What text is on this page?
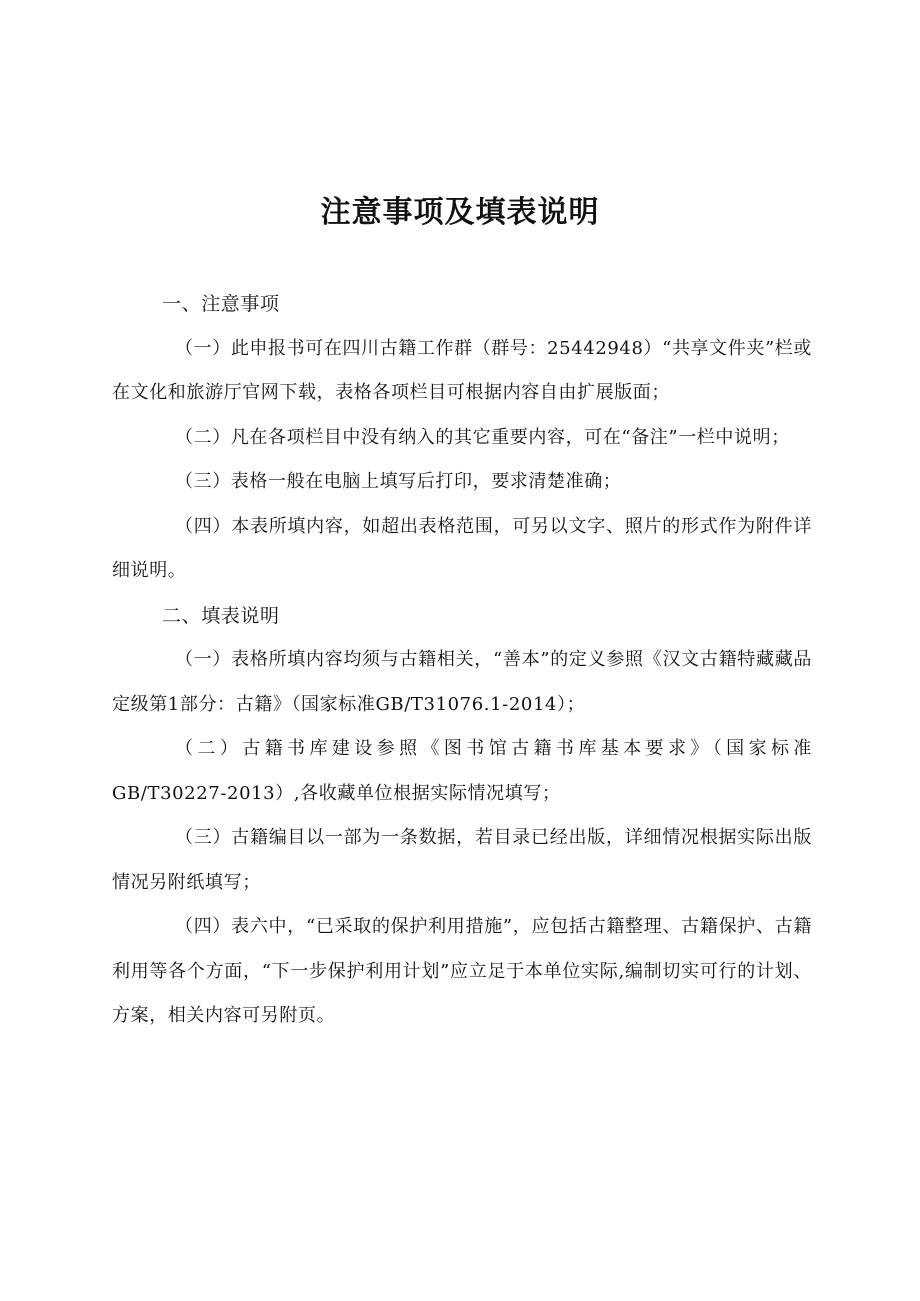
注意事项及填表说明
一、注意事项

（一）此申报书可在四川古籍工作群（群号：25442948）“共享文件夹”栏或在文化和旅游厅官网下载，表格各项栏目可根据内容自由扩展版面；

（二）凡在各项栏目中没有纳入的其它重要内容，可在“备注”一栏中说明；

（三）表格一般在电脑上填写后打印，要求清楚准确；

（四）本表所填内容，如超出表格范围，可另以文字、照片的形式作为附件详细说明。

二、填表说明

（一）表格所填内容均须与古籍相关，“善本”的定义参照《汉文古籍特藏藏品定级第1部分：古籍》（国家标准GB/T31076.1-2014）；

（二）古籍书库建设参照《图书馆古籍书库基本要求》（国家标准GB/T30227-2013）,各收藏单位根据实际情况填写；

（三）古籍编目以一部为一条数据，若目录已经出版，详细情况根据实际出版情况另附纸填写；

（四）表六中，“已采取的保护利用措施”，应包括古籍整理、古籍保护、古籍利用等各个方面，“下一步保护利用计划”应立足于本单位实际,编制切实可行的计划、方案，相关内容可另附页。
